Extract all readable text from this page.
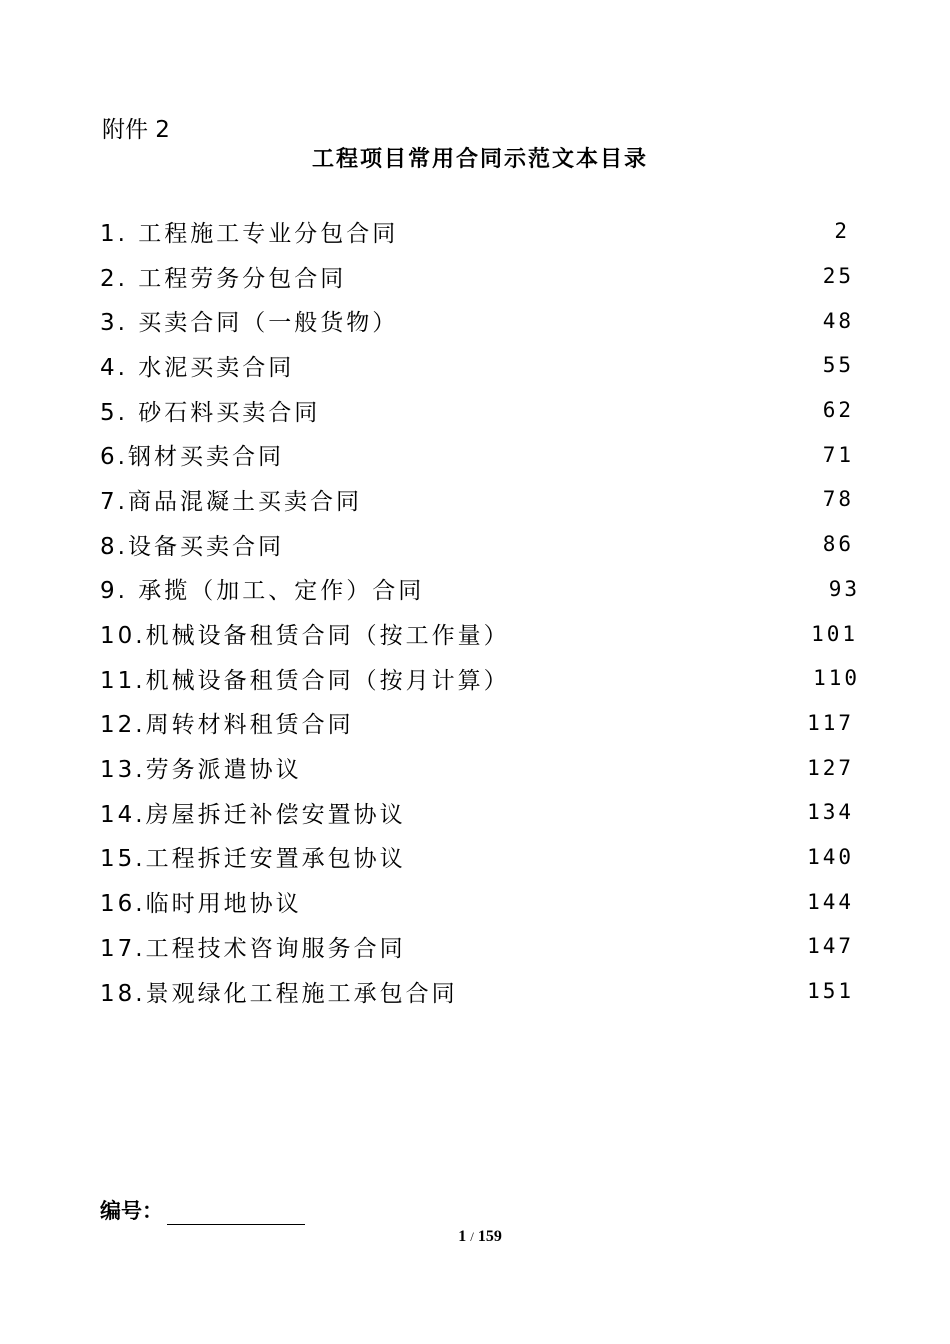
附件 2
工程项目常用合同示范文本目录
1. 工程施工专业分包合同	2
2. 工程劳务分包合同	25
3. 买卖合同（一般货物）	48
4. 水泥买卖合同	55
5. 砂石料买卖合同	62
6.钢材买卖合同	71
7.商品混凝土买卖合同	78
8.设备买卖合同	86
9. 承揽（加工、定作）合同	93
10.机械设备租赁合同（按工作量）	101
11.机械设备租赁合同（按月计算）	110
12.周转材料租赁合同	117
13.劳务派遣协议	127
14.房屋拆迁补偿安置协议	134
15.工程拆迁安置承包协议	140
16.临时用地协议	144
17.工程技术咨询服务合同	147
18.景观绿化工程施工承包合同	151
编号：
1 / 159
